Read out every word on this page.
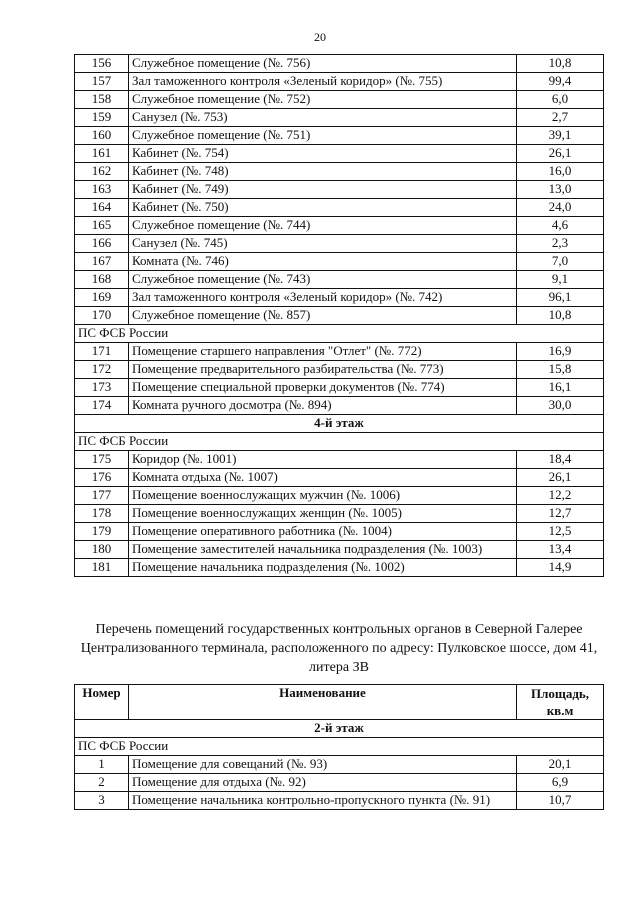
20
156	Служебное помещение (№. 756)	10,8
157	Зал таможенного контроля «Зеленый коридор» (№. 755)	99,4
158	Служебное помещение (№. 752)	6,0
159	Санузел (№. 753)	2,7
160	Служебное помещение (№. 751)	39,1
161	Кабинет (№. 754)	26,1
162	Кабинет (№. 748)	16,0
163	Кабинет (№. 749)	13,0
164	Кабинет (№. 750)	24,0
165	Служебное помещение (№. 744)	4,6
166	Санузел (№. 745)	2,3
167	Комната (№. 746)	7,0
168	Служебное помещение (№. 743)	9,1
169	Зал таможенного контроля «Зеленый коридор» (№. 742)	96,1
170	Служебное помещение (№. 857)	10,8
ПС ФСБ России		
171	Помещение старшего направления "Отлет" (№. 772)	16,9
172	Помещение предварительного разбирательства (№. 773)	15,8
173	Помещение специальной проверки документов (№. 774)	16,1
174	Комната ручного досмотра (№. 894)	30,0
4-й этаж		
ПС ФСБ России		
175	Коридор (№. 1001)	18,4
176	Комната отдыха (№. 1007)	26,1
177	Помещение военнослужащих мужчин (№. 1006)	12,2
178	Помещение военнослужащих женщин (№. 1005)	12,7
179	Помещение оперативного работника (№. 1004)	12,5
180	Помещение заместителей начальника подразделения (№. 1003)	13,4
181	Помещение начальника подразделения (№. 1002)	14,9
Перечень помещений государственных контрольных органов в Северной Галерее Централизованного терминала, расположенного по адресу: Пулковское шоссе, дом 41, литера ЗВ
Номер	Наименование	Площадь, кв.м
2-й этаж		
ПС ФСБ России		
1	Помещение для совещаний (№. 93)	20,1
2	Помещение для отдыха (№. 92)	6,9
3	Помещение начальника контрольно-пропускного пункта (№. 91)	10,7
